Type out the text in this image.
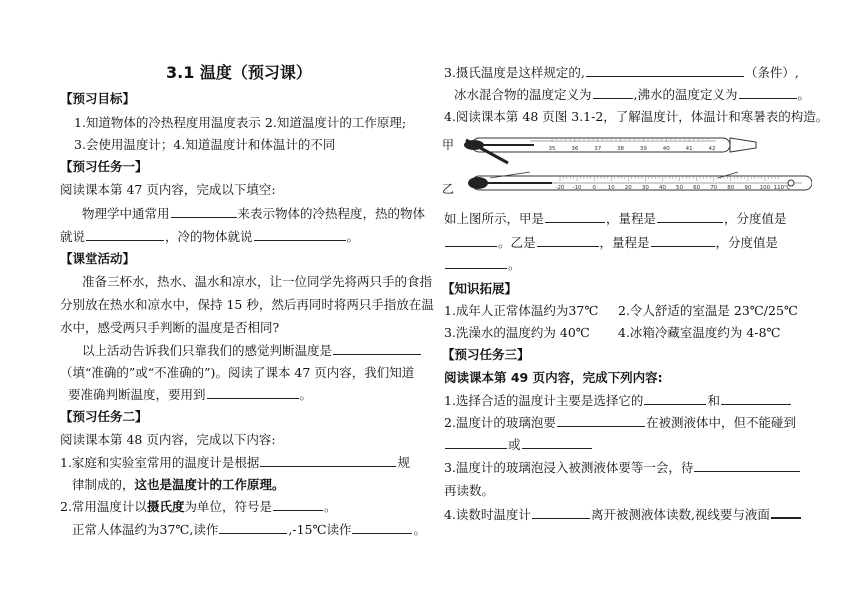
3.1 温度（预习课）
【预习目标】
1.知道物体的冷热程度用温度表示 2.知道温度计的工作原理;
3.会使用温度计；4.知道温度计和体温计的不同
【预习任务一】
阅读课本第 47 页内容，完成以下填空:
物理学中通常用	来表示物体的冷热程度，热的物体
就说	，冷的物体就说	。
【课堂活动】
准备三杯水，热水、温水和凉水，让一位同学先将两只手的食指
分别放在热水和凉水中，保持 15 秒，然后再同时将两只手指放在温
水中，感受两只手判断的温度是否相同?
以上活动告诉我们只靠我们的感觉判断温度是
（填“准确的”或“不准确的”)。阅读了课本 47 页内容，我们知道
要准确判断温度，要用到	。
【预习任务二】
阅读课本第 48 页内容，完成以下内容:
1.家庭和实验室常用的温度计是根据	规
律制成的，这也是温度计的工作原理。
2.常用温度计以摄氏度为单位，符号是	。
正常人体温约为37℃,读作	,-15℃读作	。
3.摄氏温度是这样规定的,	（条件）,
冰水混合物的温度定义为	,沸水的温度定义为	。
4.阅读课本第 48 页图 3.1-2，了解温度计，体温计和寒暑表的构造。
甲
乙
35	36	37	38	39	40	41	42
-20 -10 0 10 20 30 40 50 60 70 80 90 100 110℃
如上图所示，甲是	，量程是	，分度值是
。乙是	，量程是	，分度值是
。
【知识拓展】
1.成年人正常体温约为37℃ 2.令人舒适的室温是 23℃/25℃
3.洗澡水的温度约为 40℃ 4.冰箱冷藏室温度约为 4-8℃
【预习任务三】
阅读课本第 49 页内容，完成下列内容:
1.选择合适的温度计主要是选择它的	和
2.温度计的玻璃泡要	在被测液体中，但不能碰到
或
3.温度计的玻璃泡浸入被测液体要等一会，待
再读数。
4.读数时温度计	离开被测液体读数,视线要与液面
